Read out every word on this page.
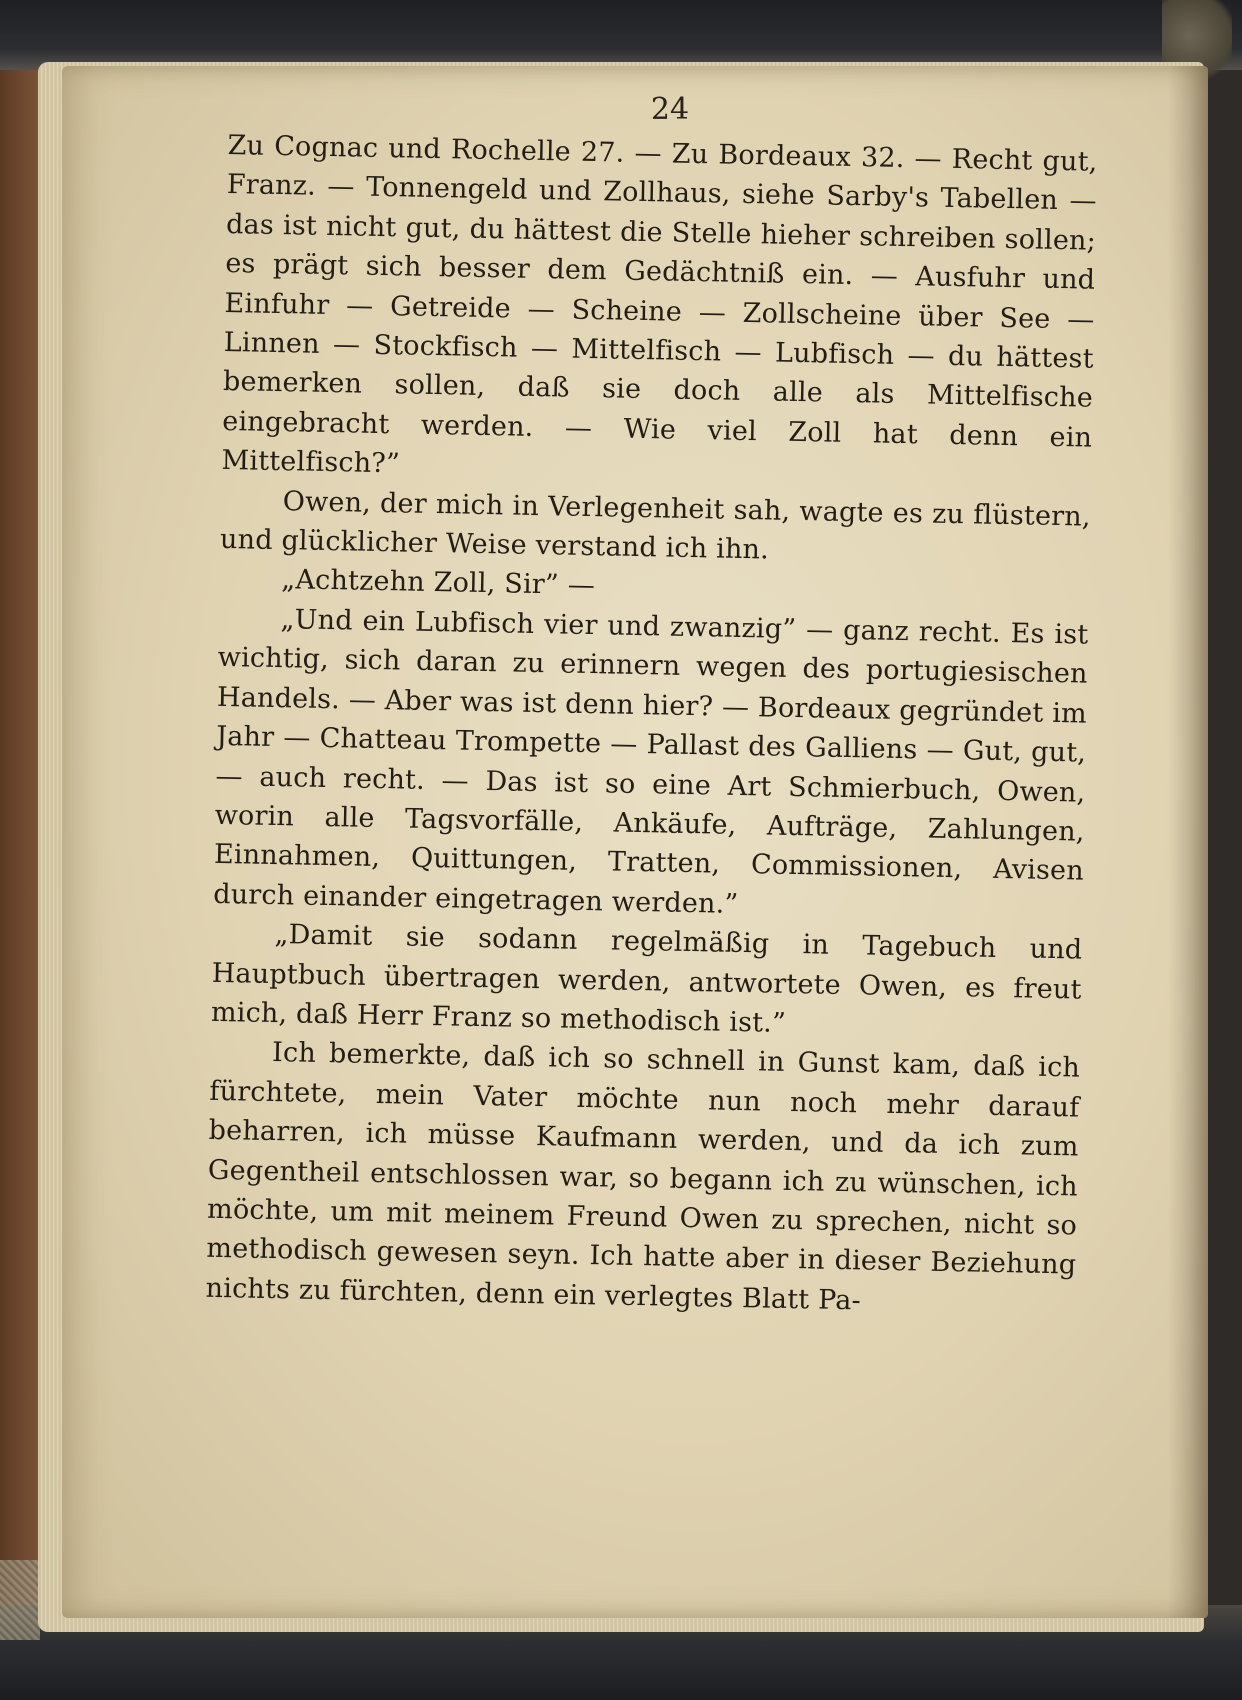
24

Zu Cognac und Rochelle 27. — Zu Bordeaux 32. — Recht gut, Franz. — Tonnengeld und Zollhaus, siehe Sarby's Tabellen — das ist nicht gut, du hättest die Stelle hieher schreiben sollen; es prägt sich besser dem Gedächtniß ein. — Ausfuhr und Einfuhr — Getreide — Scheine — Zollscheine über See — Linnen — Stockfisch — Mittelfisch — Lubfisch — du hättest bemerken sollen, daß sie doch alle als Mittelfische eingebracht werden. — Wie viel Zoll hat denn ein Mittelfisch?”

Owen, der mich in Verlegenheit sah, wagte es zu flüstern, und glücklicher Weise verstand ich ihn.

„Achtzehn Zoll, Sir” —

„Und ein Lubfisch vier und zwanzig” — ganz recht. Es ist wichtig, sich daran zu erinnern wegen des portugiesischen Handels. — Aber was ist denn hier? — Bordeaux gegründet im Jahr — Chatteau Trompette — Pallast des Galliens — Gut, gut, — auch recht. — Das ist so eine Art Schmierbuch, Owen, worin alle Tagsvorfälle, Ankäufe, Aufträge, Zahlungen, Einnahmen, Quittungen, Tratten, Commissionen, Avisen durch einander eingetragen werden.”

„Damit sie sodann regelmäßig in Tagebuch und Hauptbuch übertragen werden, antwortete Owen, es freut mich, daß Herr Franz so methodisch ist.”

Ich bemerkte, daß ich so schnell in Gunst kam, daß ich fürchtete, mein Vater möchte nun noch mehr darauf beharren, ich müsse Kaufmann werden, und da ich zum Gegentheil entschlossen war, so begann ich zu wünschen, ich möchte, um mit meinem Freund Owen zu sprechen, nicht so methodisch gewesen seyn. Ich hatte aber in dieser Beziehung nichts zu fürchten, denn ein verlegtes Blatt Pa-
